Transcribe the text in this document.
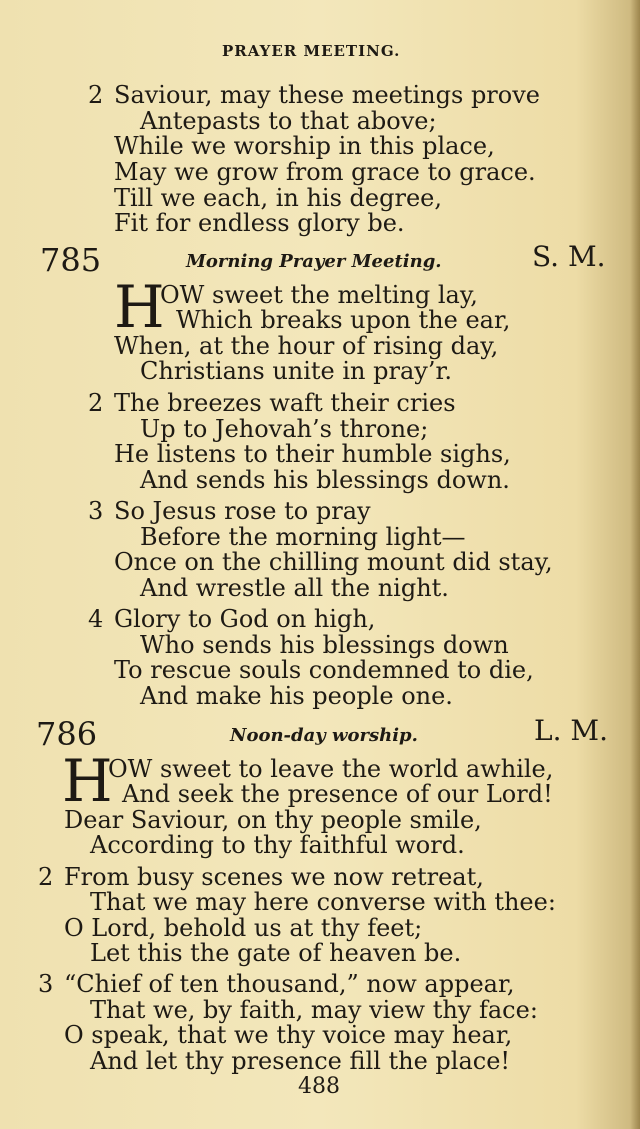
PRAYER MEETING.
2 Saviour, may these meetings prove
Antepasts to that above;
While we worship in this place,
May we grow from grace to grace.
Till we each, in his degree,
Fit for endless glory be.
785	Morning Prayer Meeting.	S. M.
H
OW sweet the melting lay,
Which breaks upon the ear,
When, at the hour of rising day,
Christians unite in pray’r.
2 The breezes waft their cries
Up to Jehovah’s throne;
He listens to their humble sighs,
And sends his blessings down.
3 So Jesus rose to pray
Before the morning light—
Once on the chilling mount did stay,
And wrestle all the night.
4 Glory to God on high,
Who sends his blessings down
To rescue souls condemned to die,
And make his people one.
786	Noon-day worship.	L. M.
H
OW sweet to leave the world awhile,
And seek the presence of our Lord!
Dear Saviour, on thy people smile,
According to thy faithful word.
2 From busy scenes we now retreat,
That we may here converse with thee:
O Lord, behold us at thy feet;
Let this the gate of heaven be.
3 “Chief of ten thousand,” now appear,
That we, by faith, may view thy face:
O speak, that we thy voice may hear,
And let thy presence fill the place!
488
